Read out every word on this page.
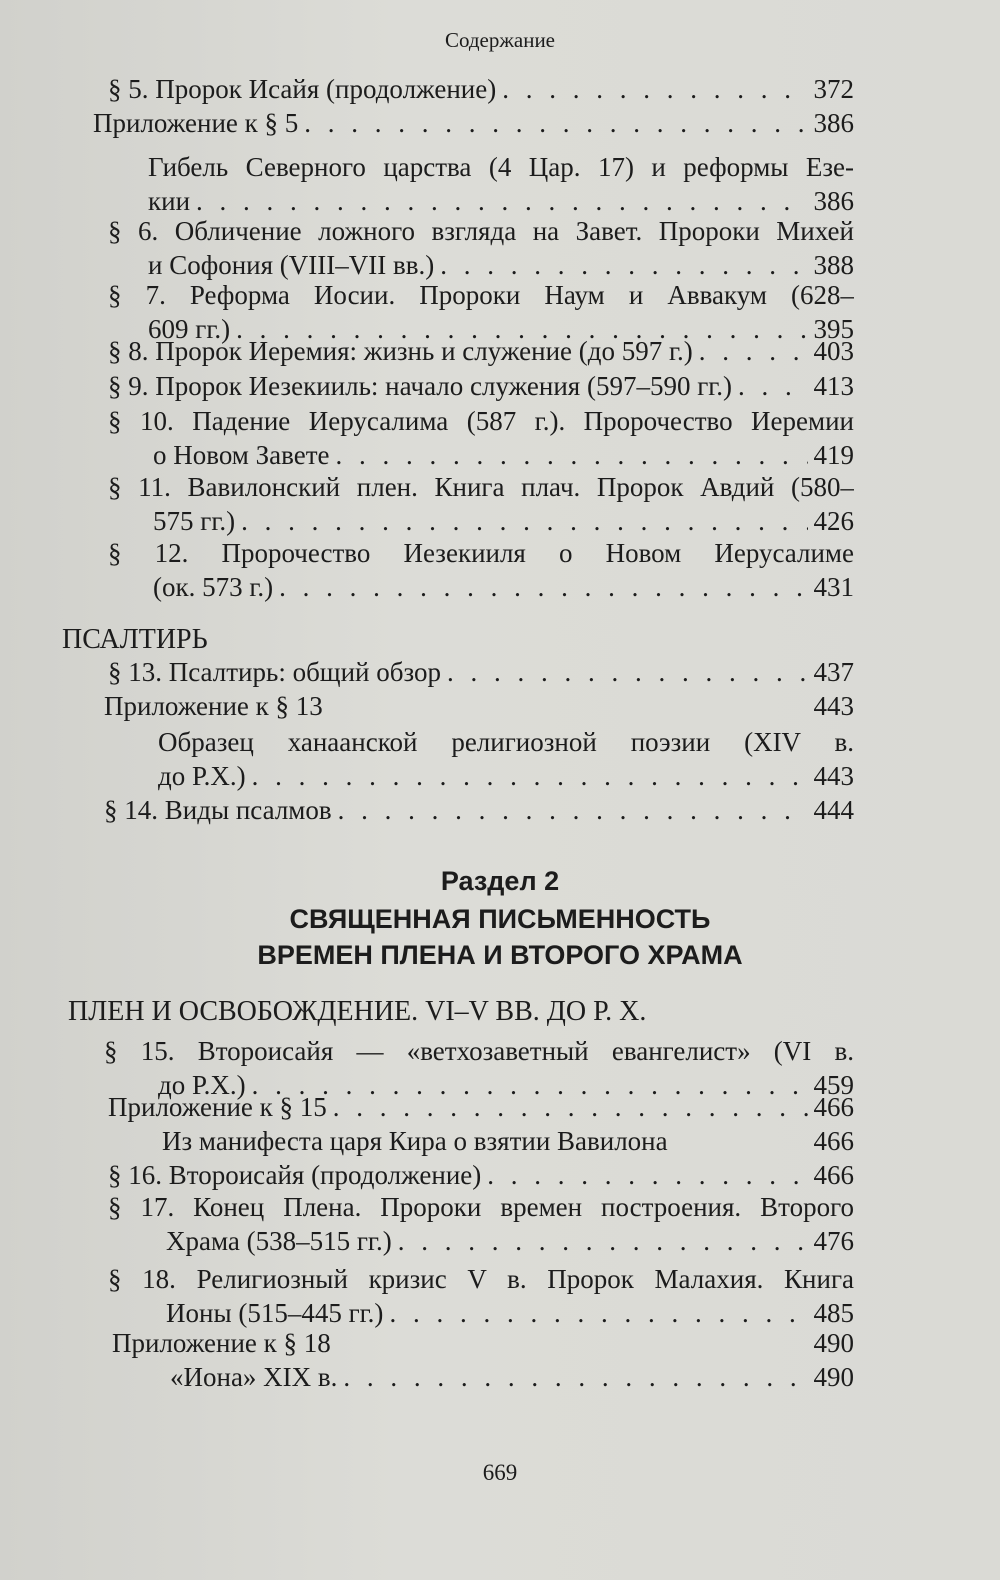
Содержание
§ 5. Пророк Исайя (продолжение) . . .	372
Приложение к § 5 . . .	386
Гибель Северного царства (4 Цар. 17) и реформы Езе-
кии . . .	386
§ 6. Обличение ложного взгляда на Завет. Пророки Михей
и Софония (VIII–VII вв.) . . .	388
§ 7. Реформа Иосии. Пророки Наум и Аввакум (628–
609 гг.) . . .	395
§ 8. Пророк Иеремия: жизнь и служение (до 597 г.) . . .	403
§ 9. Пророк Иезекииль: начало служения (597–590 гг.) . . .	413
§ 10. Падение Иерусалима (587 г.). Пророчество Иеремии
о Новом Завете . . .	419
§ 11. Вавилонский плен. Книга плач. Пророк Авдий (580–
575 гг.) . . .	426
§ 12. Пророчество Иезекииля о Новом Иерусалиме
(ок. 573 г.) . . .	431
ПСАЛТИРЬ
§ 13. Псалтирь: общий обзор . . .	437
Приложение к § 13	443
Образец ханаанской религиозной поэзии (XIV в.
до Р.Х.) . . .	443
§ 14. Виды псалмов . . .	444
Раздел 2
СВЯЩЕННАЯ ПИСЬМЕННОСТЬ
ВРЕМЕН ПЛЕНА И ВТОРОГО ХРАМА
ПЛЕН И ОСВОБОЖДЕНИЕ. VI–V ВВ. ДО Р. Х.
§ 15. Второисайя — «ветхозаветный евангелист» (VI в.
до Р.Х.) . . .	459
Приложение к § 15 . . .	466
Из манифеста царя Кира о взятии Вавилона	466
§ 16. Второисайя (продолжение) . . .	466
§ 17. Конец Плена. Пророки времен построения. Второго
Храма (538–515 гг.) . . .	476
§ 18. Религиозный кризис V в. Пророк Малахия. Книга
Ионы (515–445 гг.) . . .	485
Приложение к § 18	490
«Иона» XIX в. . . .	490
669
